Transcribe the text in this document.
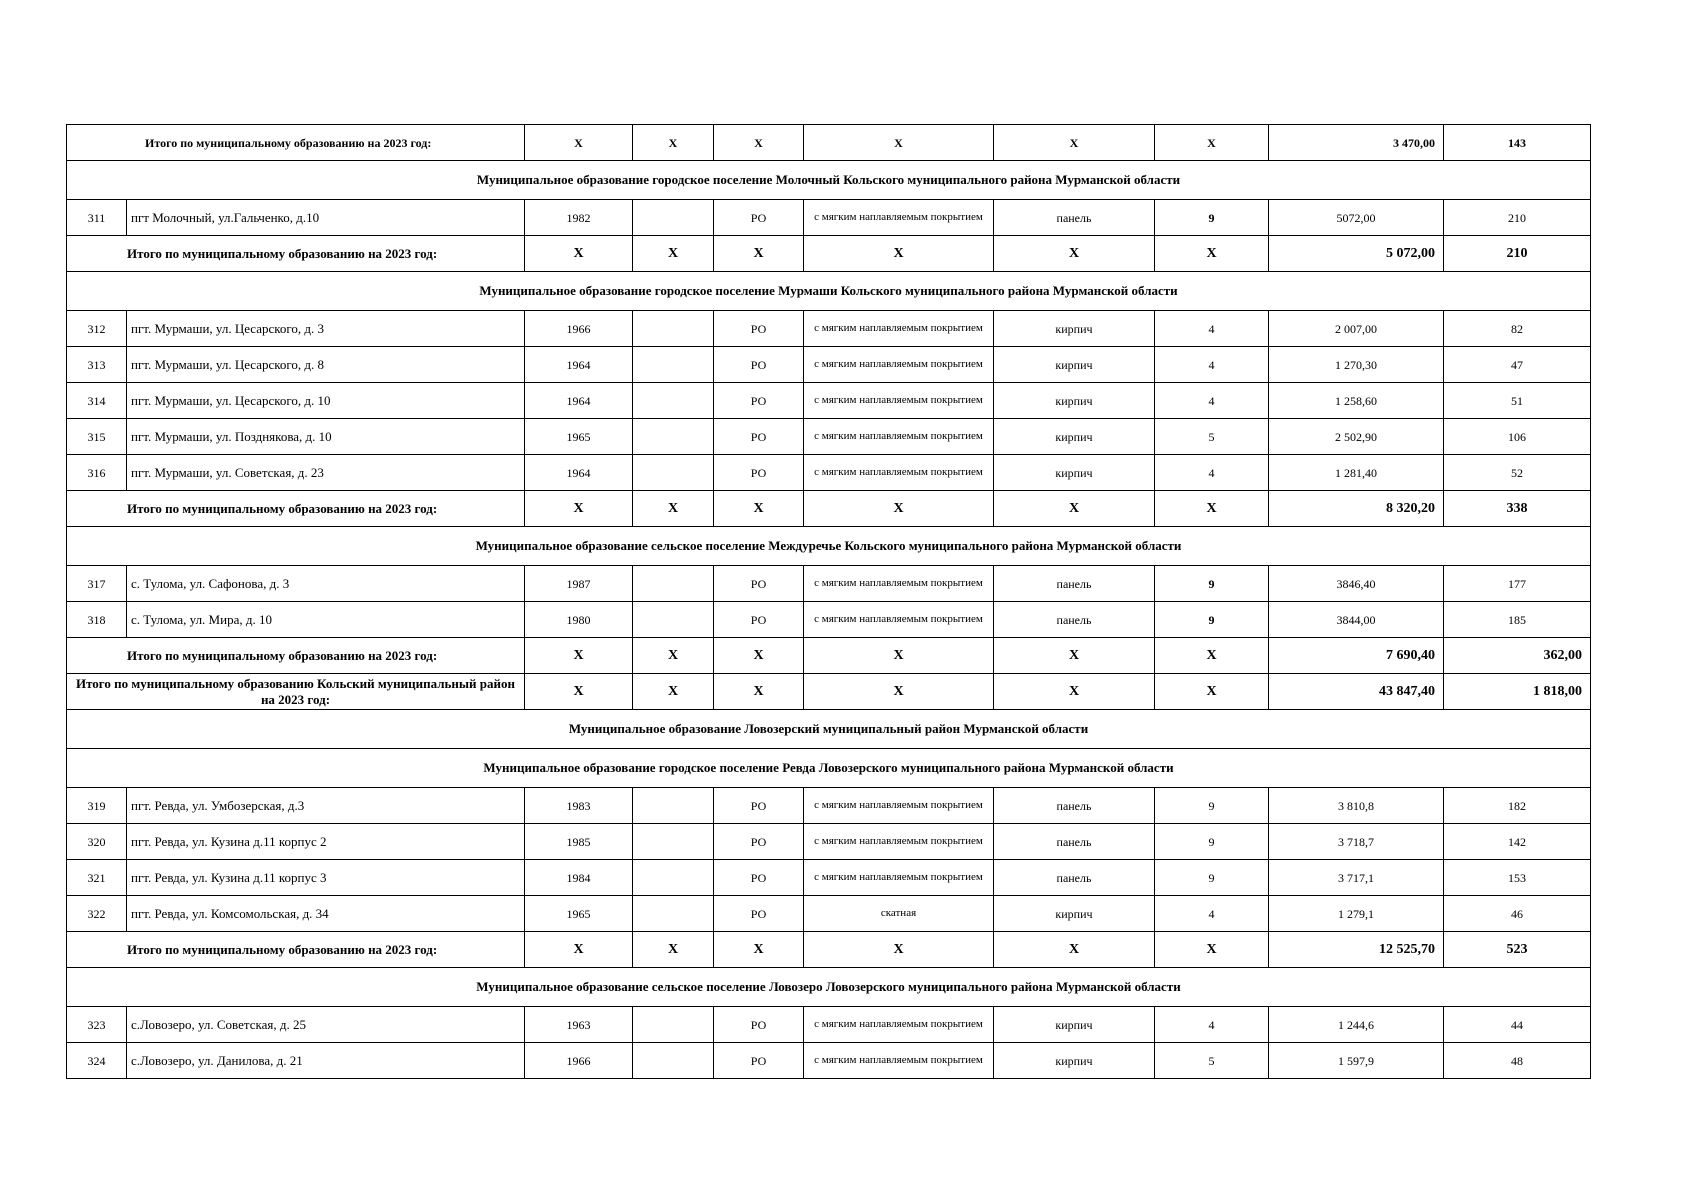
Итого по муниципальному образованию на 2023 год:		Х	Х	Х	Х	Х	Х	3 470,00	143
Муниципальное образование городское поселение Молочный Кольского муниципального района Мурманской области									
311	пгт Молочный, ул.Гальченко, д.10	1982		РО	с мягким наплавляемым покрытием	панель	9	5072,00	210
Итого по муниципальному образованию на 2023 год:		Х	Х	Х	Х	Х	Х	5 072,00	210
Муниципальное образование городское поселение Мурмаши Кольского муниципального района Мурманской области									
312	пгт. Мурмаши, ул. Цесарского, д. 3	1966		РО	с мягким наплавляемым покрытием	кирпич	4	2 007,00	82
313	пгт. Мурмаши, ул. Цесарского, д. 8	1964		РО	с мягким наплавляемым покрытием	кирпич	4	1 270,30	47
314	пгт. Мурмаши, ул. Цесарского, д. 10	1964		РО	с мягким наплавляемым покрытием	кирпич	4	1 258,60	51
315	пгт. Мурмаши, ул. Позднякова, д. 10	1965		РО	с мягким наплавляемым покрытием	кирпич	5	2 502,90	106
316	пгт. Мурмаши, ул. Советская, д. 23	1964		РО	с мягким наплавляемым покрытием	кирпич	4	1 281,40	52
Итого по муниципальному образованию на 2023 год:		Х	Х	Х	Х	Х	Х	8 320,20	338
Муниципальное образование сельское поселение Междуречье Кольского муниципального района Мурманской области									
317	с. Тулома, ул. Сафонова, д. 3	1987		РО	с мягким наплавляемым покрытием	панель	9	3846,40	177
318	с. Тулома, ул. Мира, д. 10	1980		РО	с мягким наплавляемым покрытием	панель	9	3844,00	185
Итого по муниципальному образованию на 2023 год:		Х	Х	Х	Х	Х	Х	7 690,40	362,00
Итого по муниципальному образованию Кольский муниципальный район на 2023 год:		Х	Х	Х	Х	Х	Х	43 847,40	1 818,00
Муниципальное образование Ловозерский муниципальный район Мурманской области									
Муниципальное образование городское поселение Ревда Ловозерского муниципального района Мурманской области									
319	пгт. Ревда, ул. Умбозерская, д.3	1983		РО	с мягким наплавляемым покрытием	панель	9	3 810,8	182
320	пгт. Ревда, ул. Кузина д.11 корпус 2	1985		РО	с мягким наплавляемым покрытием	панель	9	3 718,7	142
321	пгт. Ревда, ул. Кузина д.11 корпус 3	1984		РО	с мягким наплавляемым покрытием	панель	9	3 717,1	153
322	пгт. Ревда, ул. Комсомольская, д. 34	1965		РО	скатная	кирпич	4	1 279,1	46
Итого по муниципальному образованию на 2023 год:		Х	Х	Х	Х	Х	Х	12 525,70	523
Муниципальное образование сельское поселение Ловозеро Ловозерского муниципального района Мурманской области									
323	с.Ловозеро, ул. Советская, д. 25	1963		РО	с мягким наплавляемым покрытием	кирпич	4	1 244,6	44
324	с.Ловозеро, ул. Данилова, д. 21	1966		РО	с мягким наплавляемым покрытием	кирпич	5	1 597,9	48
